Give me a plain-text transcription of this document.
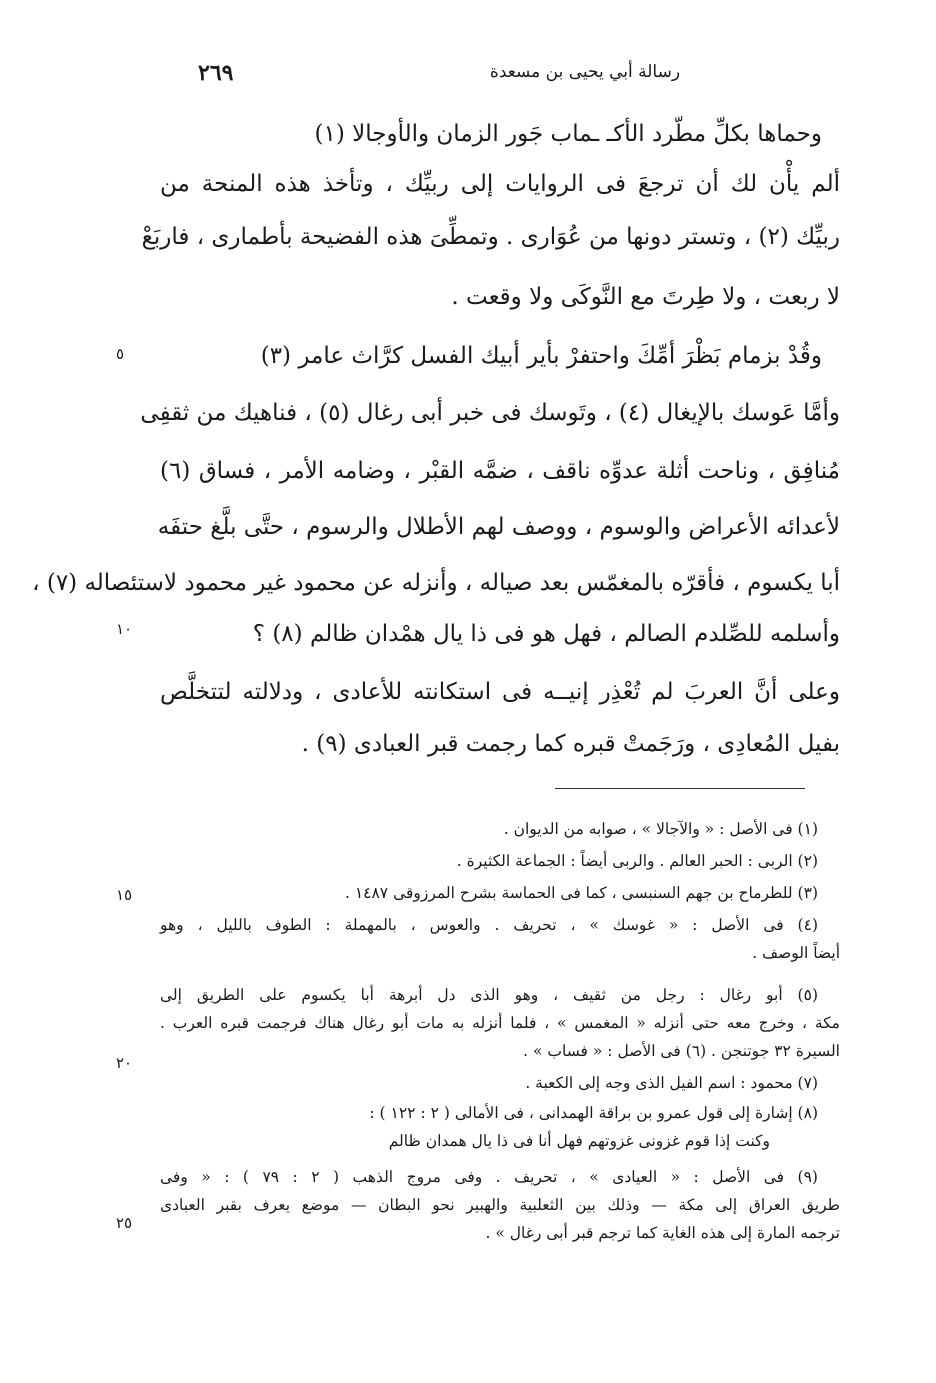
٢٦٩	رسالة أبي يحيى بن مسعدة
وحماها بكلِّ مطّرد الأكـ ـماب جَور الزمان والأوجالا (١)
ألم يأْن لك أن ترجعَ فى الروايات إلى ربيِّك ، وتأخذ هذه المنحة من
ربيِّك (٢) ، وتستر دونها من عُوَارى . وتمطِّىَ هذه الفضيحة بأطمارى ، فاربَعْ
لا ربعت ، ولا طِرتَ مع النَّوكَى ولا وقعت .
وقُدْ بزمام بَظْرَ أمِّكَ واحتفرْ بأير أبيك الفسل كرَّاث عامر (٣)
وأمَّا عَوسك بالإيغال (٤) ، وتَوسك فى خبر أبى رغال (٥) ، فناهيك من ثقفِى
مُنافِق ، وناحت أثلة عدوِّه ناقف ، ضمَّه القبْر ، وضامه الأمر ، فساق (٦)
لأعدائه الأعراض والوسوم ، ووصف لهم الأطلال والرسوم ، حتَّى بلَّغ حتفَه
أبا يكسوم ، فأقرّه بالمغمّس بعد صياله ، وأنزله عن محمود غير محمود لاستئصاله (٧) ،
وأسلمه للصِّلدم الصالم ، فهل هو فى ذا يال همْدان ظالم (٨) ؟
وعلى أنَّ العربَ لم تُعْذِر إنيــه فى استكانته للأعادى ، ودلالته لتتخلَّص
بفيل المُعادِى ، ورَجَمتْ قبره كما رجمت قبر العبادى (٩) .
٥
١٠
(١) فى الأصل : « والآجالا » ، صوابه من الديوان .
(٢) الربى : الحبر العالم . والربى أيضاً : الجماعة الكثيرة .
(٣) للطرماح بن جهم السنبسى ، كما فى الحماسة بشرح المرزوقى ١٤٨٧ .
(٤) فى الأصل : « غوسك » ، تحريف . والعوس ، بالمهملة : الطوف بالليل ، وهو
أيضاً الوصف .
(٥) أبو رغال : رجل من ثقيف ، وهو الذى دل أبرهة أبا يكسوم على الطريق إلى
مكة ، وخرج معه حتى أنزله « المغمس » ، فلما أنزله به مات أبو رغال هناك فرجمت قبره العرب .
السيرة ٣٢ جوتنجن . (٦) فى الأصل : « فساب » .
(٧) محمود : اسم الفيل الذى وجه إلى الكعبة .
(٨) إشارة إلى قول عمرو بن براقة الهمدانى ، فى الأمالى ( ٢ : ١٢٢ ) :
وكنت إذا قوم غزونى غزوتهم فهل أنا فى ذا يال همدان ظالم
(٩) فى الأصل : « العيادى » ، تحريف . وفى مروج الذهب ( ٢ : ٧٩ ) : « وفى
طريق العراق إلى مكة — وذلك بين الثعلبية والهبير نحو البطان — موضع يعرف بقبر العبادى
ترجمه المارة إلى هذه الغاية كما ترجم قبر أبى رغال » .
١٥
٢٠
٢٥
